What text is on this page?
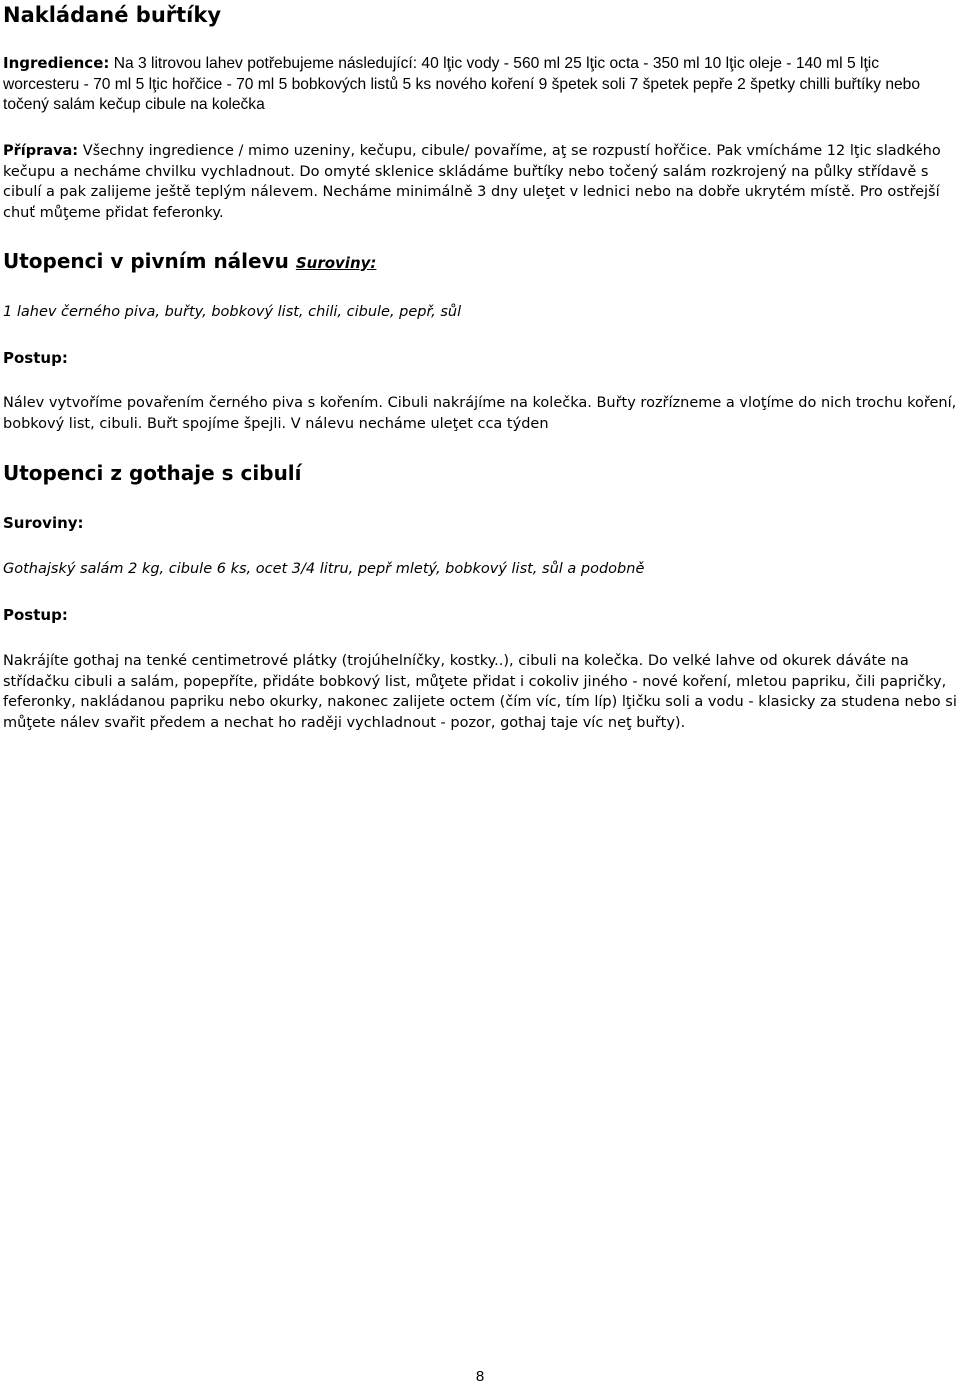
Nakládané buřtíky

Ingredience: Na 3 litrovou lahev potřebujeme následující: 40 lţic vody - 560 ml 25 lţic octa - 350 ml 10 lţic oleje - 140 ml 5 lţic worcesteru - 70 ml 5 lţic hořčice - 70 ml 5 bobkových listů 5 ks nového koření 9 špetek soli 7 špetek pepře 2 špetky chilli buřtíky nebo točený salám kečup cibule na kolečka

Příprava: Všechny ingredience / mimo uzeniny, kečupu, cibule/ povaříme, aţ se rozpustí hořčice. Pak vmícháme 12 lţic sladkého kečupu a necháme chvilku vychladnout. Do omyté sklenice skládáme buřtíky nebo točený salám rozkrojený na půlky střídavě s cibulí a pak zalijeme ještě teplým nálevem. Necháme minimálně 3 dny uleţet v lednici nebo na dobře ukrytém místě. Pro ostřejší chuť můţeme přidat feferonky.

Utopenci v pivním nálevu Suroviny:

1 lahev černého piva, buřty, bobkový list, chili, cibule, pepř, sůl

Postup:

Nálev vytvoříme povařením černého piva s kořením. Cibuli nakrájíme na kolečka. Buřty rozřízneme a vloţíme do nich trochu koření, bobkový list, cibuli. Buřt spojíme špejli. V nálevu necháme uleţet cca týden

Utopenci z gothaje s cibulí

Suroviny:

Gothajský salám 2 kg, cibule 6 ks, ocet 3/4 litru, pepř mletý, bobkový list, sůl a podobně

Postup:

Nakrájíte gothaj na tenké centimetrové plátky (trojúhelníčky, kostky..), cibuli na kolečka. Do velké lahve od okurek dáváte na střídačku cibuli a salám, popepříte, přidáte bobkový list, můţete přidat i cokoliv jiného - nové koření, mletou papriku, čili papričky, feferonky, nakládanou papriku nebo okurky, nakonec zalijete octem (čím víc, tím líp) lţičku soli a vodu - klasicky za studena nebo si můţete nálev svařit předem a nechat ho raději vychladnout - pozor, gothaj taje víc neţ buřty).

8
